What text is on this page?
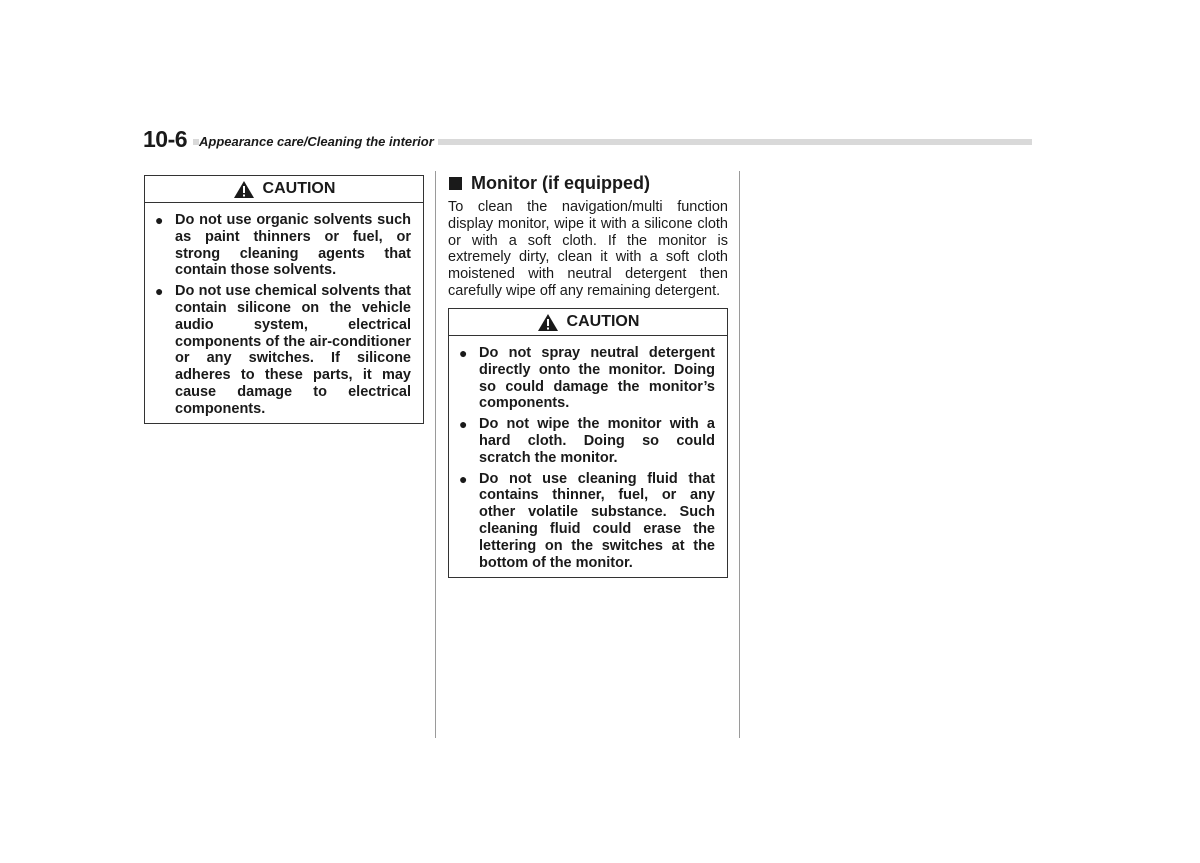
10-6 Appearance care/Cleaning the interior
CAUTION
● Do not use organic solvents such as paint thinners or fuel, or strong cleaning agents that contain those solvents.
● Do not use chemical solvents that contain silicone on the vehicle audio system, electrical components of the air-conditioner or any switches. If silicone adheres to these parts, it may cause damage to electrical components.
Monitor (if equipped)
To clean the navigation/multi function display monitor, wipe it with a silicone cloth or with a soft cloth. If the monitor is extremely dirty, clean it with a soft cloth moistened with neutral detergent then carefully wipe off any remaining detergent.
CAUTION
● Do not spray neutral detergent directly onto the monitor. Doing so could damage the monitor’s components.
● Do not wipe the monitor with a hard cloth. Doing so could scratch the monitor.
● Do not use cleaning fluid that contains thinner, fuel, or any other volatile substance. Such cleaning fluid could erase the lettering on the switches at the bottom of the monitor.
